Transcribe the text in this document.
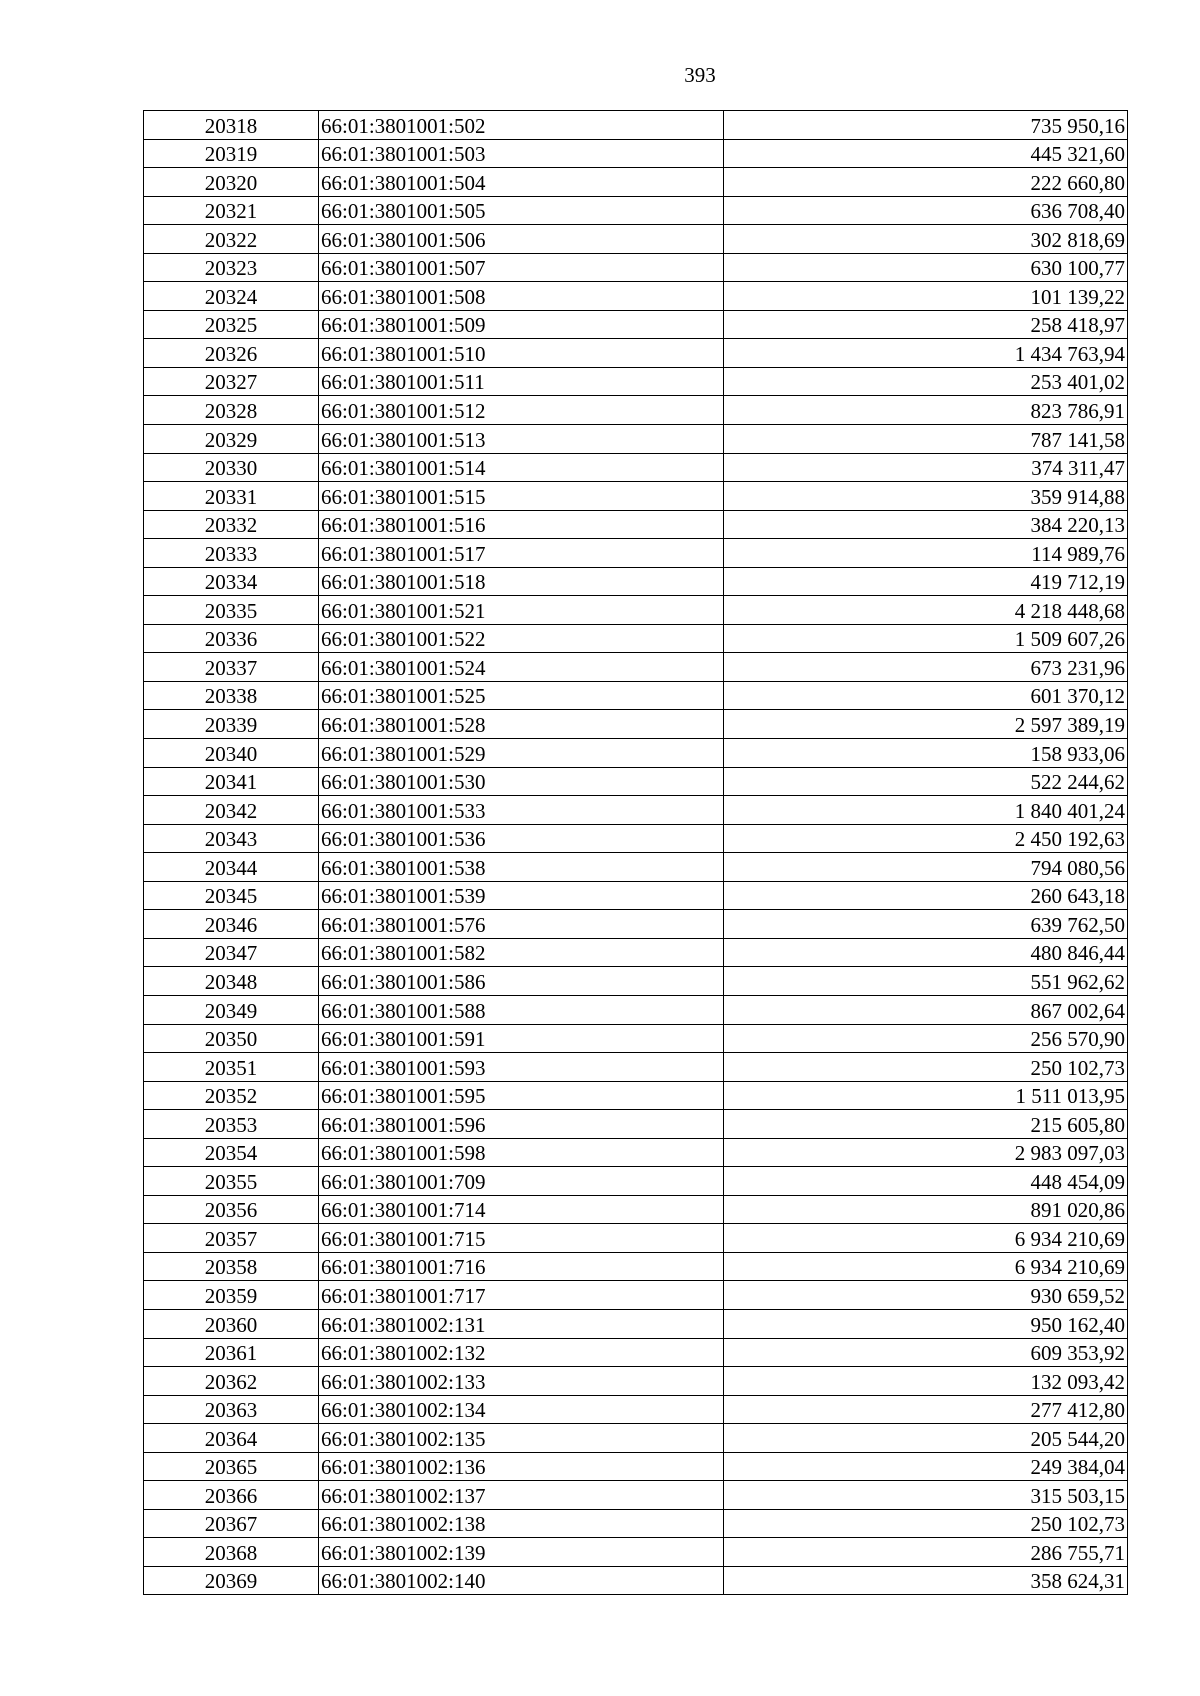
393
20318	66:01:3801001:502	735 950,16
20319	66:01:3801001:503	445 321,60
20320	66:01:3801001:504	222 660,80
20321	66:01:3801001:505	636 708,40
20322	66:01:3801001:506	302 818,69
20323	66:01:3801001:507	630 100,77
20324	66:01:3801001:508	101 139,22
20325	66:01:3801001:509	258 418,97
20326	66:01:3801001:510	1 434 763,94
20327	66:01:3801001:511	253 401,02
20328	66:01:3801001:512	823 786,91
20329	66:01:3801001:513	787 141,58
20330	66:01:3801001:514	374 311,47
20331	66:01:3801001:515	359 914,88
20332	66:01:3801001:516	384 220,13
20333	66:01:3801001:517	114 989,76
20334	66:01:3801001:518	419 712,19
20335	66:01:3801001:521	4 218 448,68
20336	66:01:3801001:522	1 509 607,26
20337	66:01:3801001:524	673 231,96
20338	66:01:3801001:525	601 370,12
20339	66:01:3801001:528	2 597 389,19
20340	66:01:3801001:529	158 933,06
20341	66:01:3801001:530	522 244,62
20342	66:01:3801001:533	1 840 401,24
20343	66:01:3801001:536	2 450 192,63
20344	66:01:3801001:538	794 080,56
20345	66:01:3801001:539	260 643,18
20346	66:01:3801001:576	639 762,50
20347	66:01:3801001:582	480 846,44
20348	66:01:3801001:586	551 962,62
20349	66:01:3801001:588	867 002,64
20350	66:01:3801001:591	256 570,90
20351	66:01:3801001:593	250 102,73
20352	66:01:3801001:595	1 511 013,95
20353	66:01:3801001:596	215 605,80
20354	66:01:3801001:598	2 983 097,03
20355	66:01:3801001:709	448 454,09
20356	66:01:3801001:714	891 020,86
20357	66:01:3801001:715	6 934 210,69
20358	66:01:3801001:716	6 934 210,69
20359	66:01:3801001:717	930 659,52
20360	66:01:3801002:131	950 162,40
20361	66:01:3801002:132	609 353,92
20362	66:01:3801002:133	132 093,42
20363	66:01:3801002:134	277 412,80
20364	66:01:3801002:135	205 544,20
20365	66:01:3801002:136	249 384,04
20366	66:01:3801002:137	315 503,15
20367	66:01:3801002:138	250 102,73
20368	66:01:3801002:139	286 755,71
20369	66:01:3801002:140	358 624,31
